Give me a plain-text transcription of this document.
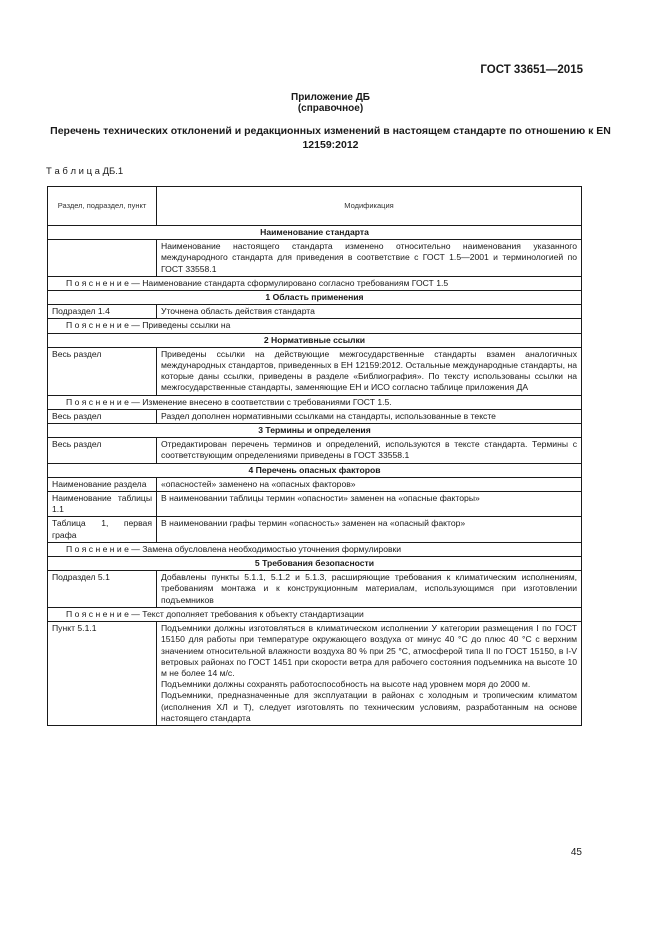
ГОСТ 33651—2015
Приложение ДБ
(справочное)
Перечень технических отклонений и редакционных изменений в настоящем стандарте по отношению к EN 12159:2012
Т а б л и ц а ДБ.1
Раздел, подраздел, пункт	Модификация
Наименование стандарта	

	Наименование настоящего стандарта изменено относительно наименования указанного международного стандарта для приведения в соответствие с ГОСТ 1.5—2001 и терминологией по ГОСТ 33558.1

П о я с н е н и е — Наименование стандарта сформулировано согласно требованиям ГОСТ 1.5	
1 Область применения	
Подраздел 1.4	Уточнена область действия стандарта

П о я с н е н и е — Приведены ссылки на	
2 Нормативные ссылки	
Весь раздел	Приведены ссылки на действующие межгосударственные стандарты взамен аналогичных международных стандартов, приведенных в ЕН 12159:2012. Остальные международные стандарты, на которые даны ссылки, приведены в разделе «Библиография». По тексту использованы ссылки на межгосударственные стандарты, заменяющие ЕН и ИСО согласно таблице приложения ДА

П о я с н е н и е — Изменение внесено в соответствии с требованиями ГОСТ 1.5.	
Весь раздел	Раздел дополнен нормативными ссылками на стандарты, использованные в тексте

3 Термины и определения	
Весь раздел	Отредактирован перечень терминов и определений, используются в тексте стандарта. Термины с соответствующим определениями приведены в ГОСТ 33558.1

4 Перечень опасных факторов	
Наименование раздела	«опасностей» заменено на «опасных факторов»

Наименование таблицы 1.1	В наименовании таблицы термин «опасности» заменен на «опасные факторы»

Таблица 1, первая графа	В наименовании графы термин «опасность» заменен на «опасный фактор»

П о я с н е н и е — Замена обусловлена необходимостью уточнения формулировки	
5 Требования безопасности	
Подраздел 5.1	Добавлены пункты 5.1.1, 5.1.2 и 5.1.3, расширяющие требования к климатическим исполнениям, требованиям монтажа и к конструкционным материалам, использующимся при изготовлении подъемников

П о я с н е н и е — Текст дополняет требования к объекту стандартизации	
Пункт 5.1.1	Подъемники должны изготовляться в климатическом исполнении У категории размещения I по ГОСТ 15150 для работы при температуре окружающего воздуха от минус 40 °С до плюс 40 °С с верхним значением относительной влажности воздуха 80 % при 25 °С, атмосферой типа II по ГОСТ 15150, в I-V ветровых районах по ГОСТ 1451 при скорости ветра для рабочего состояния подъемника на высоте 10 м не более 14 м/с.
Подъемники должны сохранять работоспособность на высоте над уровнем моря до 2000 м.
Подъемники, предназначенные для эксплуатации в районах с холодным и тропическим климатом (исполнения ХЛ и Т), следует изготовлять по техническим условиям, разработанным на основе настоящего стандарта
45
